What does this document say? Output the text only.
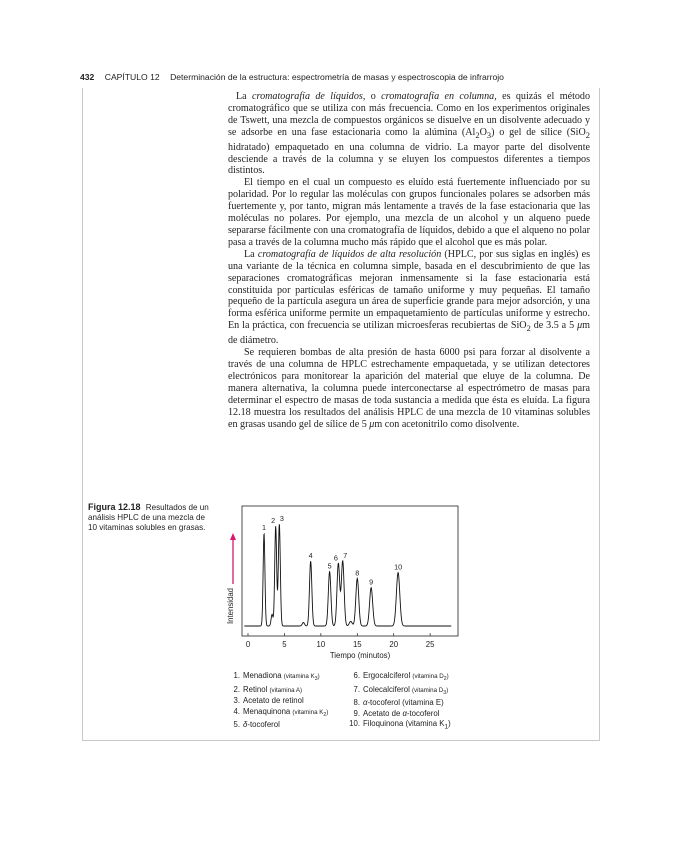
432 CAPÍTULO 12 Determinación de la estructura: espectrometría de masas y espectroscopia de infrarrojo

La cromatografía de líquidos, o cromatografía en columna, es quizás el método cromatográfico que se utiliza con más frecuencia. Como en los experimentos originales de Tswett, una mezcla de compuestos orgánicos se disuelve en un disolvente adecuado y se adsorbe en una fase estacionaria como la alúmina $(Al_2O_3)$ o gel de sílice (SiO$_2$ hidratado) empaquetado en una columna de vidrio. La mayor parte del disolvente desciende a través de la columna y se eluyen los compuestos diferentes a tiempos distintos.

El tiempo en el cual un compuesto es eluído está fuertemente influenciado por su polaridad. Por lo regular las moléculas con grupos funcionales polares se adsorben más fuertemente y, por tanto, migran más lentamente a través de la fase estacionaria que las moléculas no polares. Por ejemplo, una mezcla de un alcohol y un alqueno puede separarse fácilmente con una cromatografía de líquidos, debido a que el alqueno no polar pasa a través de la columna mucho más rápido que el alcohol que es más polar.

La cromatografía de líquidos de alta resolución (HPLC, por sus siglas en inglés) es una variante de la técnica en columna simple, basada en el descubrimiento de que las separaciones cromatográficas mejoran inmensamente si la fase estacionaria está constituida por partículas esféricas de tamaño uniforme y muy pequeñas. El tamaño pequeño de la partícula asegura un área de superficie grande para mejor adsorción, y una forma esférica uniforme permite un empaquetamiento de partículas uniforme y estrecho. En la práctica, con frecuencia se utilizan microesferas recubiertas de SiO$_2$ de 3.5 a 5 μm de diámetro.

Se requieren bombas de alta presión de hasta 6000 psi para forzar al disolvente a través de una columna de HPLC estrechamente empaquetada, y se utilizan detectores electrónicos para monitorear la aparición del material que eluye de la columna. De manera alternativa, la columna puede interconectarse al espectrómetro de masas para determinar el espectro de masas de toda sustancia a medida que ésta es eluída. La figura 12.18 muestra los resultados del análisis HPLC de una mezcla de 10 vitaminas solubles en grasas usando gel de sílice de 5 μm con acetonitrilo como disolvente.

Figura 12.18 Resultados de un análisis HPLC de una mezcla de 10 vitaminas solubles en grasas.	1
2 3
4
5
6 7
8
9
10
0	5	10	15	20	25
Tiempo (minutos)
Intensidad
1. Menadiona (vitamina $K_3$)
2. Retinol (vitamina A)
3. Acetato de retinol
4. Menaquinona (vitamina $K_2$)
5. δ-tocoferol
6. Ergocalciferol (vitamina $D_2$)
7. Colecalciferol (vitamina $D_3$)
8. α-tocoferol (vitamina E)
9. Acetato de α-tocoferol
10. Filoquinona (vitamina $K_1$)
